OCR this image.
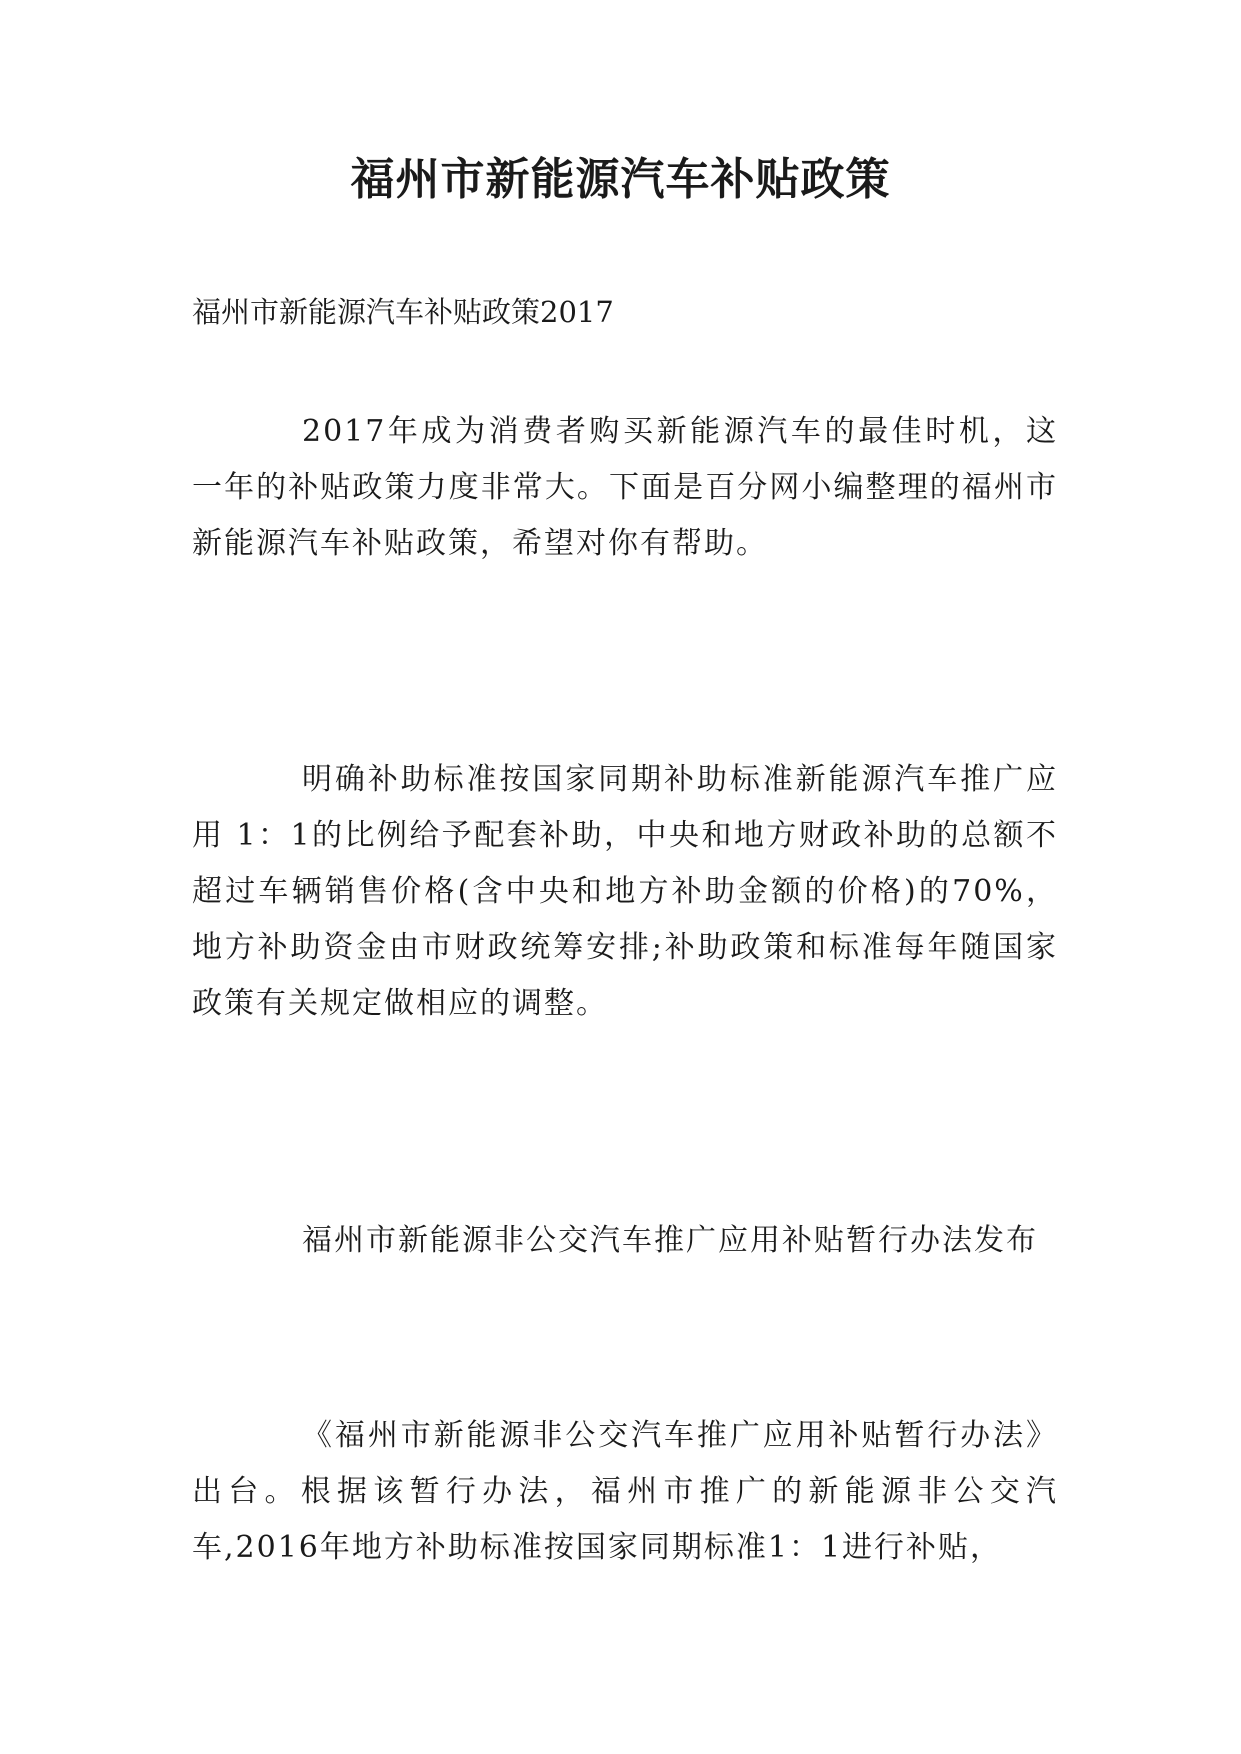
福州市新能源汽车补贴政策

福州市新能源汽车补贴政策2017

2017年成为消费者购买新能源汽车的最佳时机，这一年的补贴政策力度非常大。下面是百分网小编整理的福州市新能源汽车补贴政策，希望对你有帮助。

明确补助标准按国家同期补助标准新能源汽车推广应用 1：1的比例给予配套补助，中央和地方财政补助的总额不超过车辆销售价格(含中央和地方补助金额的价格)的70%，地方补助资金由市财政统筹安排;补助政策和标准每年随国家政策有关规定做相应的调整。

福州市新能源非公交汽车推广应用补贴暂行办法发布

《福州市新能源非公交汽车推广应用补贴暂行办法》出台。根据该暂行办法，福州市推广的新能源非公交汽车,2016年地方补助标准按国家同期标准1：1进行补贴，
